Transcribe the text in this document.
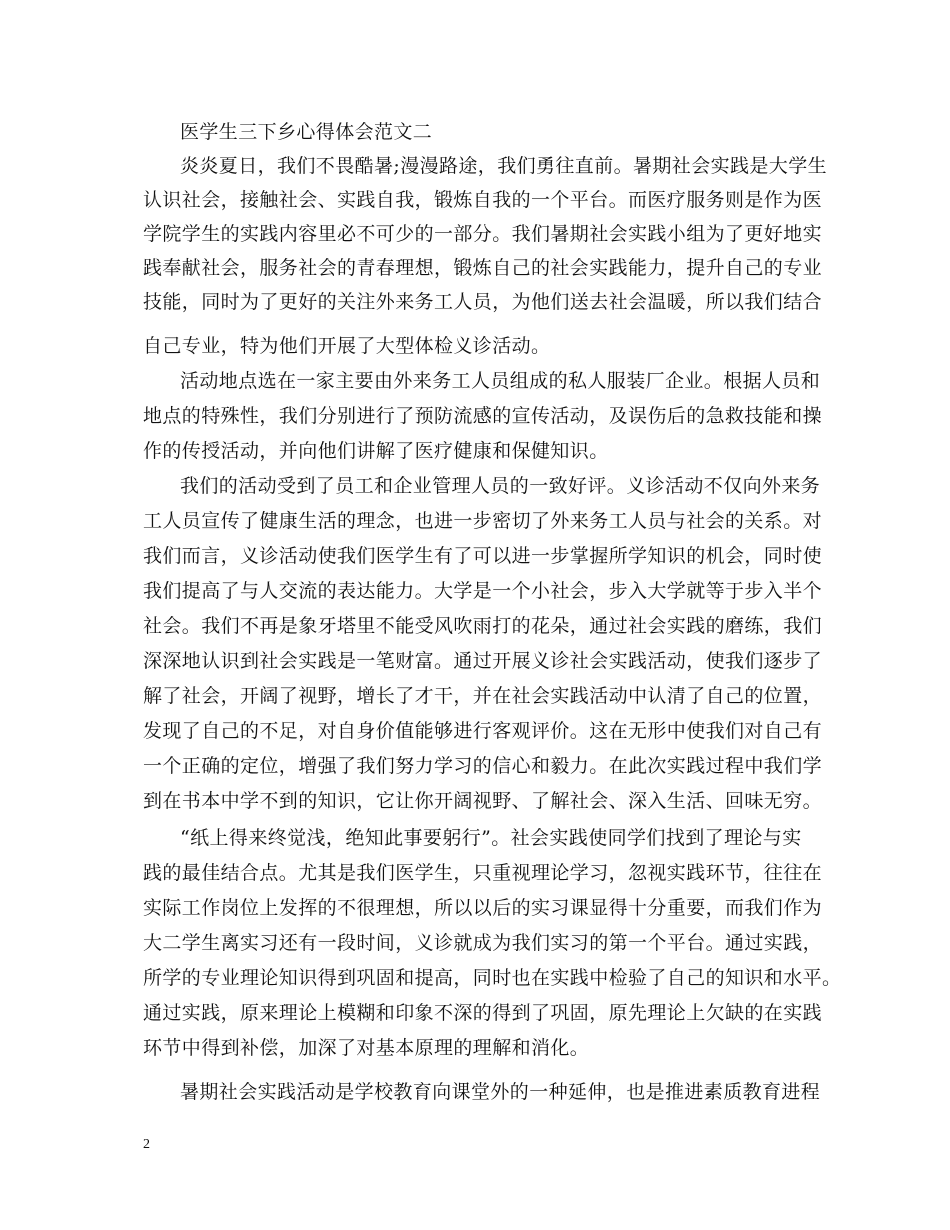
医学生三下乡心得体会范文二
炎炎夏日，我们不畏酷暑;漫漫路途，我们勇往直前。暑期社会实践是大学生
认识社会，接触社会、实践自我，锻炼自我的一个平台。而医疗服务则是作为医
学院学生的实践内容里必不可少的一部分。我们暑期社会实践小组为了更好地实
践奉献社会，服务社会的青春理想，锻炼自己的社会实践能力，提升自己的专业
技能，同时为了更好的关注外来务工人员，为他们送去社会温暖，所以我们结合
自己专业，特为他们开展了大型体检义诊活动。
活动地点选在一家主要由外来务工人员组成的私人服装厂企业。根据人员和
地点的特殊性，我们分别进行了预防流感的宣传活动，及误伤后的急救技能和操
作的传授活动，并向他们讲解了医疗健康和保健知识。
我们的活动受到了员工和企业管理人员的一致好评。义诊活动不仅向外来务
工人员宣传了健康生活的理念，也进一步密切了外来务工人员与社会的关系。对
我们而言，义诊活动使我们医学生有了可以进一步掌握所学知识的机会，同时使
我们提高了与人交流的表达能力。大学是一个小社会，步入大学就等于步入半个
社会。我们不再是象牙塔里不能受风吹雨打的花朵，通过社会实践的磨练，我们
深深地认识到社会实践是一笔财富。通过开展义诊社会实践活动，使我们逐步了
解了社会，开阔了视野，增长了才干，并在社会实践活动中认清了自己的位置，
发现了自己的不足，对自身价值能够进行客观评价。这在无形中使我们对自己有
一个正确的定位，增强了我们努力学习的信心和毅力。在此次实践过程中我们学
到在书本中学不到的知识，它让你开阔视野、了解社会、深入生活、回味无穷。
“纸上得来终觉浅，绝知此事要躬行”。社会实践使同学们找到了理论与实
践的最佳结合点。尤其是我们医学生，只重视理论学习，忽视实践环节，往往在
实际工作岗位上发挥的不很理想，所以以后的实习课显得十分重要，而我们作为
大二学生离实习还有一段时间，义诊就成为我们实习的第一个平台。通过实践，
所学的专业理论知识得到巩固和提高，同时也在实践中检验了自己的知识和水平。
通过实践，原来理论上模糊和印象不深的得到了巩固，原先理论上欠缺的在实践
环节中得到补偿，加深了对基本原理的理解和消化。
暑期社会实践活动是学校教育向课堂外的一种延伸，也是推进素质教育进程
2
